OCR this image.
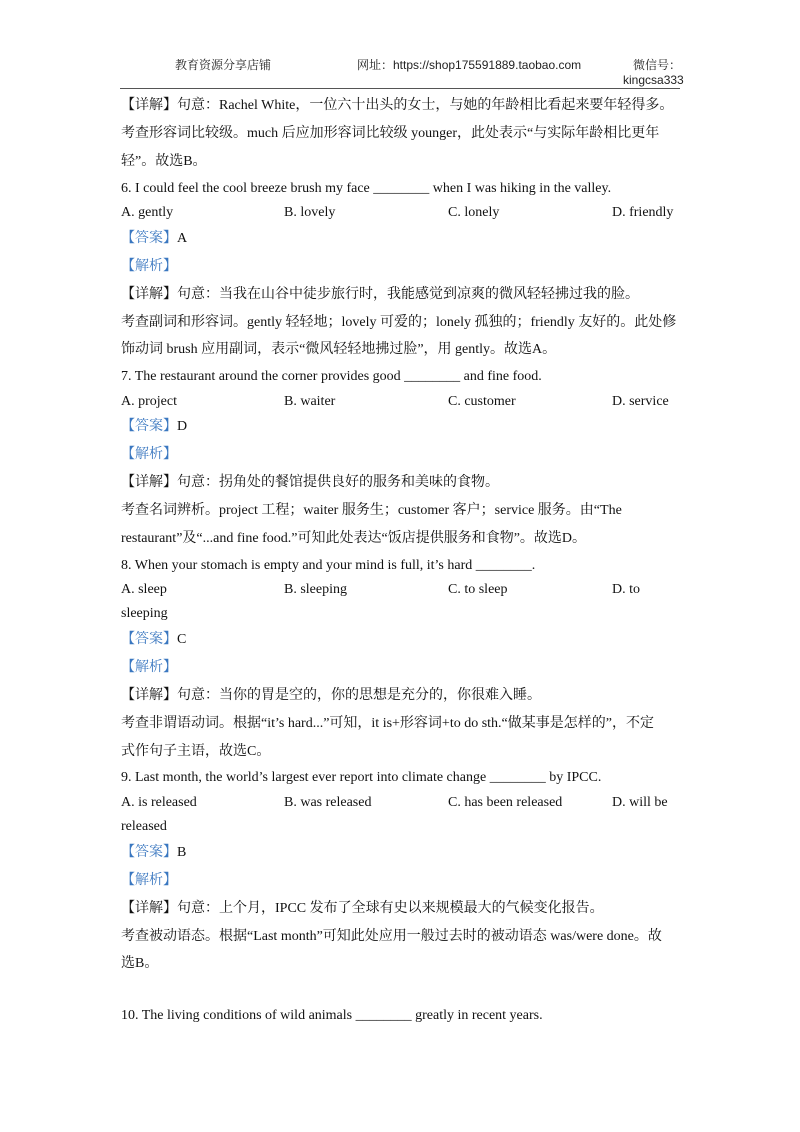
教育资源分享店铺	网址：https://shop175591889.taobao.com	微信号：
kingcsa333
【详解】句意：Rachel White，一位六十出头的女士，与她的年龄相比看起来要年轻得多。
考查形容词比较级。much 后应加形容词比较级 younger，此处表示“与实际年龄相比更年
轻”。故选B。
6. I could feel the cool breeze brush my face ________ when I was hiking in the valley.
A. gently	B. lovely	C. lonely	D. friendly
【答案】A
【解析】
【详解】句意：当我在山谷中徒步旅行时，我能感觉到凉爽的微风轻轻拂过我的脸。
考查副词和形容词。gently 轻轻地；lovely 可爱的；lonely 孤独的；friendly 友好的。此处修
饰动词 brush 应用副词，表示“微风轻轻地拂过脸”，用 gently。故选A。
7. The restaurant around the corner provides good ________ and fine food.
A. project	B. waiter	C. customer	D. service
【答案】D
【解析】
【详解】句意：拐角处的餐馆提供良好的服务和美味的食物。
考查名词辨析。project 工程；waiter 服务生；customer 客户；service 服务。由“The
restaurant”及“...and fine food.”可知此处表达“饭店提供服务和食物”。故选D。
8. When your stomach is empty and your mind is full, it’s hard ________.
A. sleep	B. sleeping	C. to sleep	D. to
sleeping
【答案】C
【解析】
【详解】句意：当你的胃是空的，你的思想是充分的，你很难入睡。
考查非谓语动词。根据“it’s hard...”可知，it is+形容词+to do sth.“做某事是怎样的”，不定
式作句子主语，故选C。
9. Last month, the world’s largest ever report into climate change ________ by IPCC.
A. is released	B. was released	C. has been released	D. will be
released
【答案】B
【解析】
【详解】句意：上个月，IPCC 发布了全球有史以来规模最大的气候变化报告。
考查被动语态。根据“Last month”可知此处应用一般过去时的被动语态 was/were done。故
选B。
10. The living conditions of wild animals ________ greatly in recent years.
